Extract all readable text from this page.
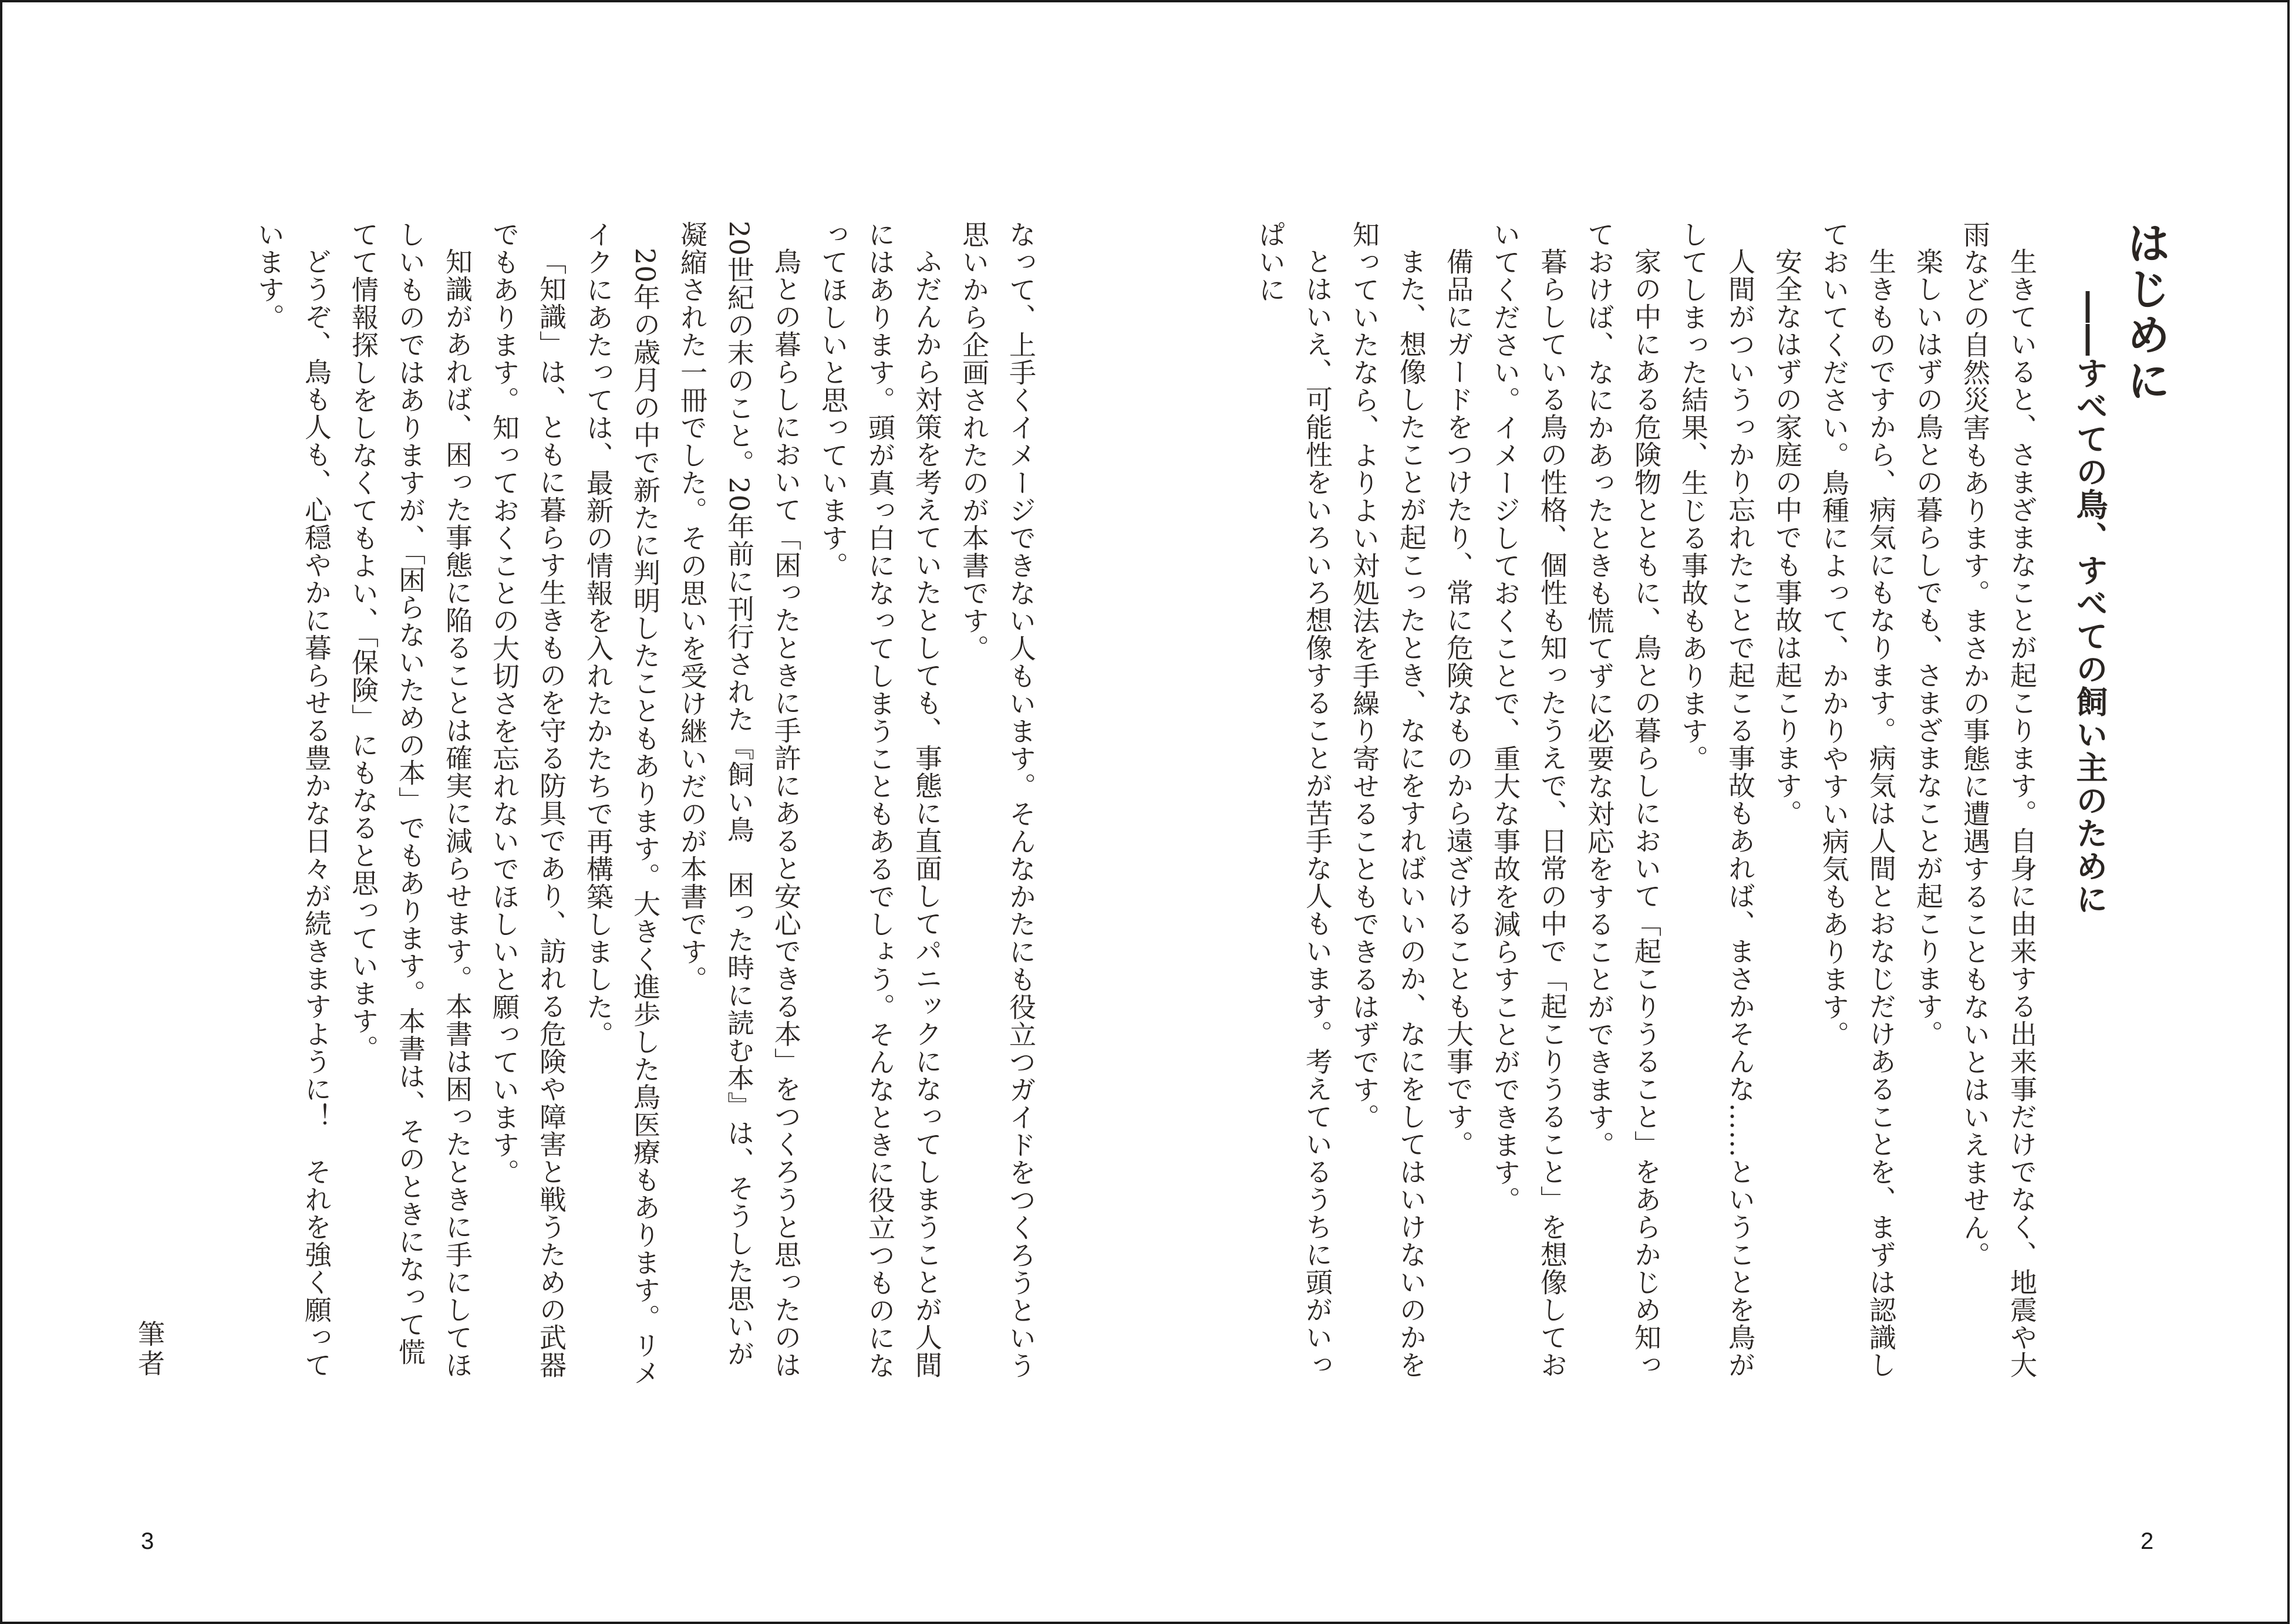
なって、上手くイメージできない人もいます。そんなかたにも役立つガイドをつくろうという思いから企画されたのが本書です。

ふだんから対策を考えていたとしても、事態に直面してパニックになってしまうことが人間にはあります。頭が真っ白になってしまうこともあるでしょう。そんなときに役立つものになってほしいと思っています。

鳥との暮らしにおいて「困ったときに手許にあると安心できる本」をつくろうと思ったのは20世紀の末のこと。20年前に刊行された『飼い鳥　困った時に読む本』は、そうした思いが凝縮された一冊でした。その思いを受け継いだのが本書です。

20年の歳月の中で新たに判明したこともあります。大きく進歩した鳥医療もあります。リメイクにあたっては、最新の情報を入れたかたちで再構築しました。

「知識」は、ともに暮らす生きものを守る防具であり、訪れる危険や障害と戦うための武器でもあります。知っておくことの大切さを忘れないでほしいと願っています。

知識があれば、困った事態に陥ることは確実に減らせます。本書は困ったときに手にしてほしいものではありますが、「困らないための本」でもあります。本書は、そのときになって慌てて情報探しをしなくてもよい、「保険」にもなると思っています。

どうぞ、鳥も人も、心穏やかに暮らせる豊かな日々が続きますように！　それを強く願っています。

筆者
3
はじめに
――すべての鳥、すべての飼い主のために

生きていると、さまざまなことが起こります。自身に由来する出来事だけでなく、地震や大雨などの自然災害もあります。まさかの事態に遭遇することもないとはいえません。

楽しいはずの鳥との暮らしでも、さまざまなことが起こります。

生きものですから、病気にもなります。病気は人間とおなじだけあることを、まずは認識しておいてください。鳥種によって、かかりやすい病気もあります。

安全なはずの家庭の中でも事故は起こります。

人間がついうっかり忘れたことで起こる事故もあれば、まさかそんな……ということを鳥がしてしまった結果、生じる事故もあります。

家の中にある危険物とともに、鳥との暮らしにおいて「起こりうること」をあらかじめ知っておけば、なにかあったときも慌てずに必要な対応をすることができます。

暮らしている鳥の性格、個性も知ったうえで、日常の中で「起こりうること」を想像しておいてください。イメージしておくことで、重大な事故を減らすことができます。

備品にガードをつけたり、常に危険なものから遠ざけることも大事です。

また、想像したことが起こったとき、なにをすればいいのか、なにをしてはいけないのかを知っていたなら、よりよい対処法を手繰り寄せることもできるはずです。

とはいえ、可能性をいろいろ想像することが苦手な人もいます。考えているうちに頭がいっぱいに

2
